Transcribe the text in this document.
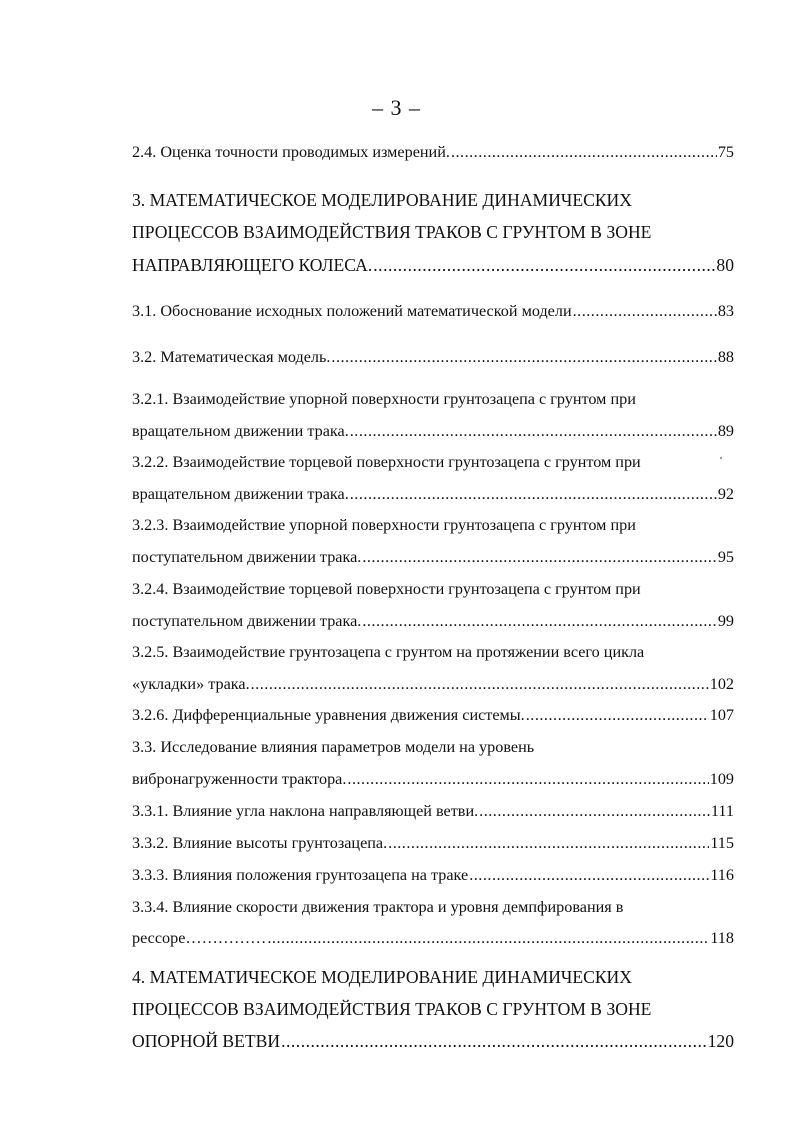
– 3 –
2.4. Оценка точности проводимых измерений. .....	75
3. МАТЕМАТИЧЕСКОЕ МОДЕЛИРОВАНИЕ ДИНАМИЧЕСКИХ
ПРОЦЕССОВ ВЗАИМОДЕЙСТВИЯ ТРАКОВ С ГРУНТОМ В ЗОНЕ
НАПРАВЛЯЮЩЕГО КОЛЕСА. .....	80
3.1. Обоснование исходных положений математической модели .....	83
3.2. Математическая модель. .....	88
3.2.1. Взаимодействие упорной поверхности грунтозацепа с грунтом при
вращательном движении трака. .....	89
3.2.2. Взаимодействие торцевой поверхности грунтозацепа с грунтом при
вращательном движении трака. .....	92
3.2.3. Взаимодействие упорной поверхности грунтозацепа с грунтом при
поступательном движении трака. .....	95
3.2.4. Взаимодействие торцевой поверхности грунтозацепа с грунтом при
поступательном движении трака. .....	99
3.2.5. Взаимодействие грунтозацепа с грунтом на протяжении всего цикла
«укладки» трака. .....	102
3.2.6. Дифференциальные уравнения движения системы. .....	107
3.3. Исследование влияния параметров модели на уровень
вибронагруженности трактора. .....	109
3.3.1. Влияние угла наклона направляющей ветви. .....	111
3.3.2. Влияние высоты грунтозацепа. .....	115
3.3.3. Влияния положения грунтозацепа на траке .....	116
3.3.4. Влияние скорости движения трактора и уровня демпфирования в
рессоре…………… .....	118
4. МАТЕМАТИЧЕСКОЕ МОДЕЛИРОВАНИЕ ДИНАМИЧЕСКИХ
ПРОЦЕССОВ ВЗАИМОДЕЙСТВИЯ ТРАКОВ С ГРУНТОМ В ЗОНЕ
ОПОРНОЙ ВЕТВИ .....	120
